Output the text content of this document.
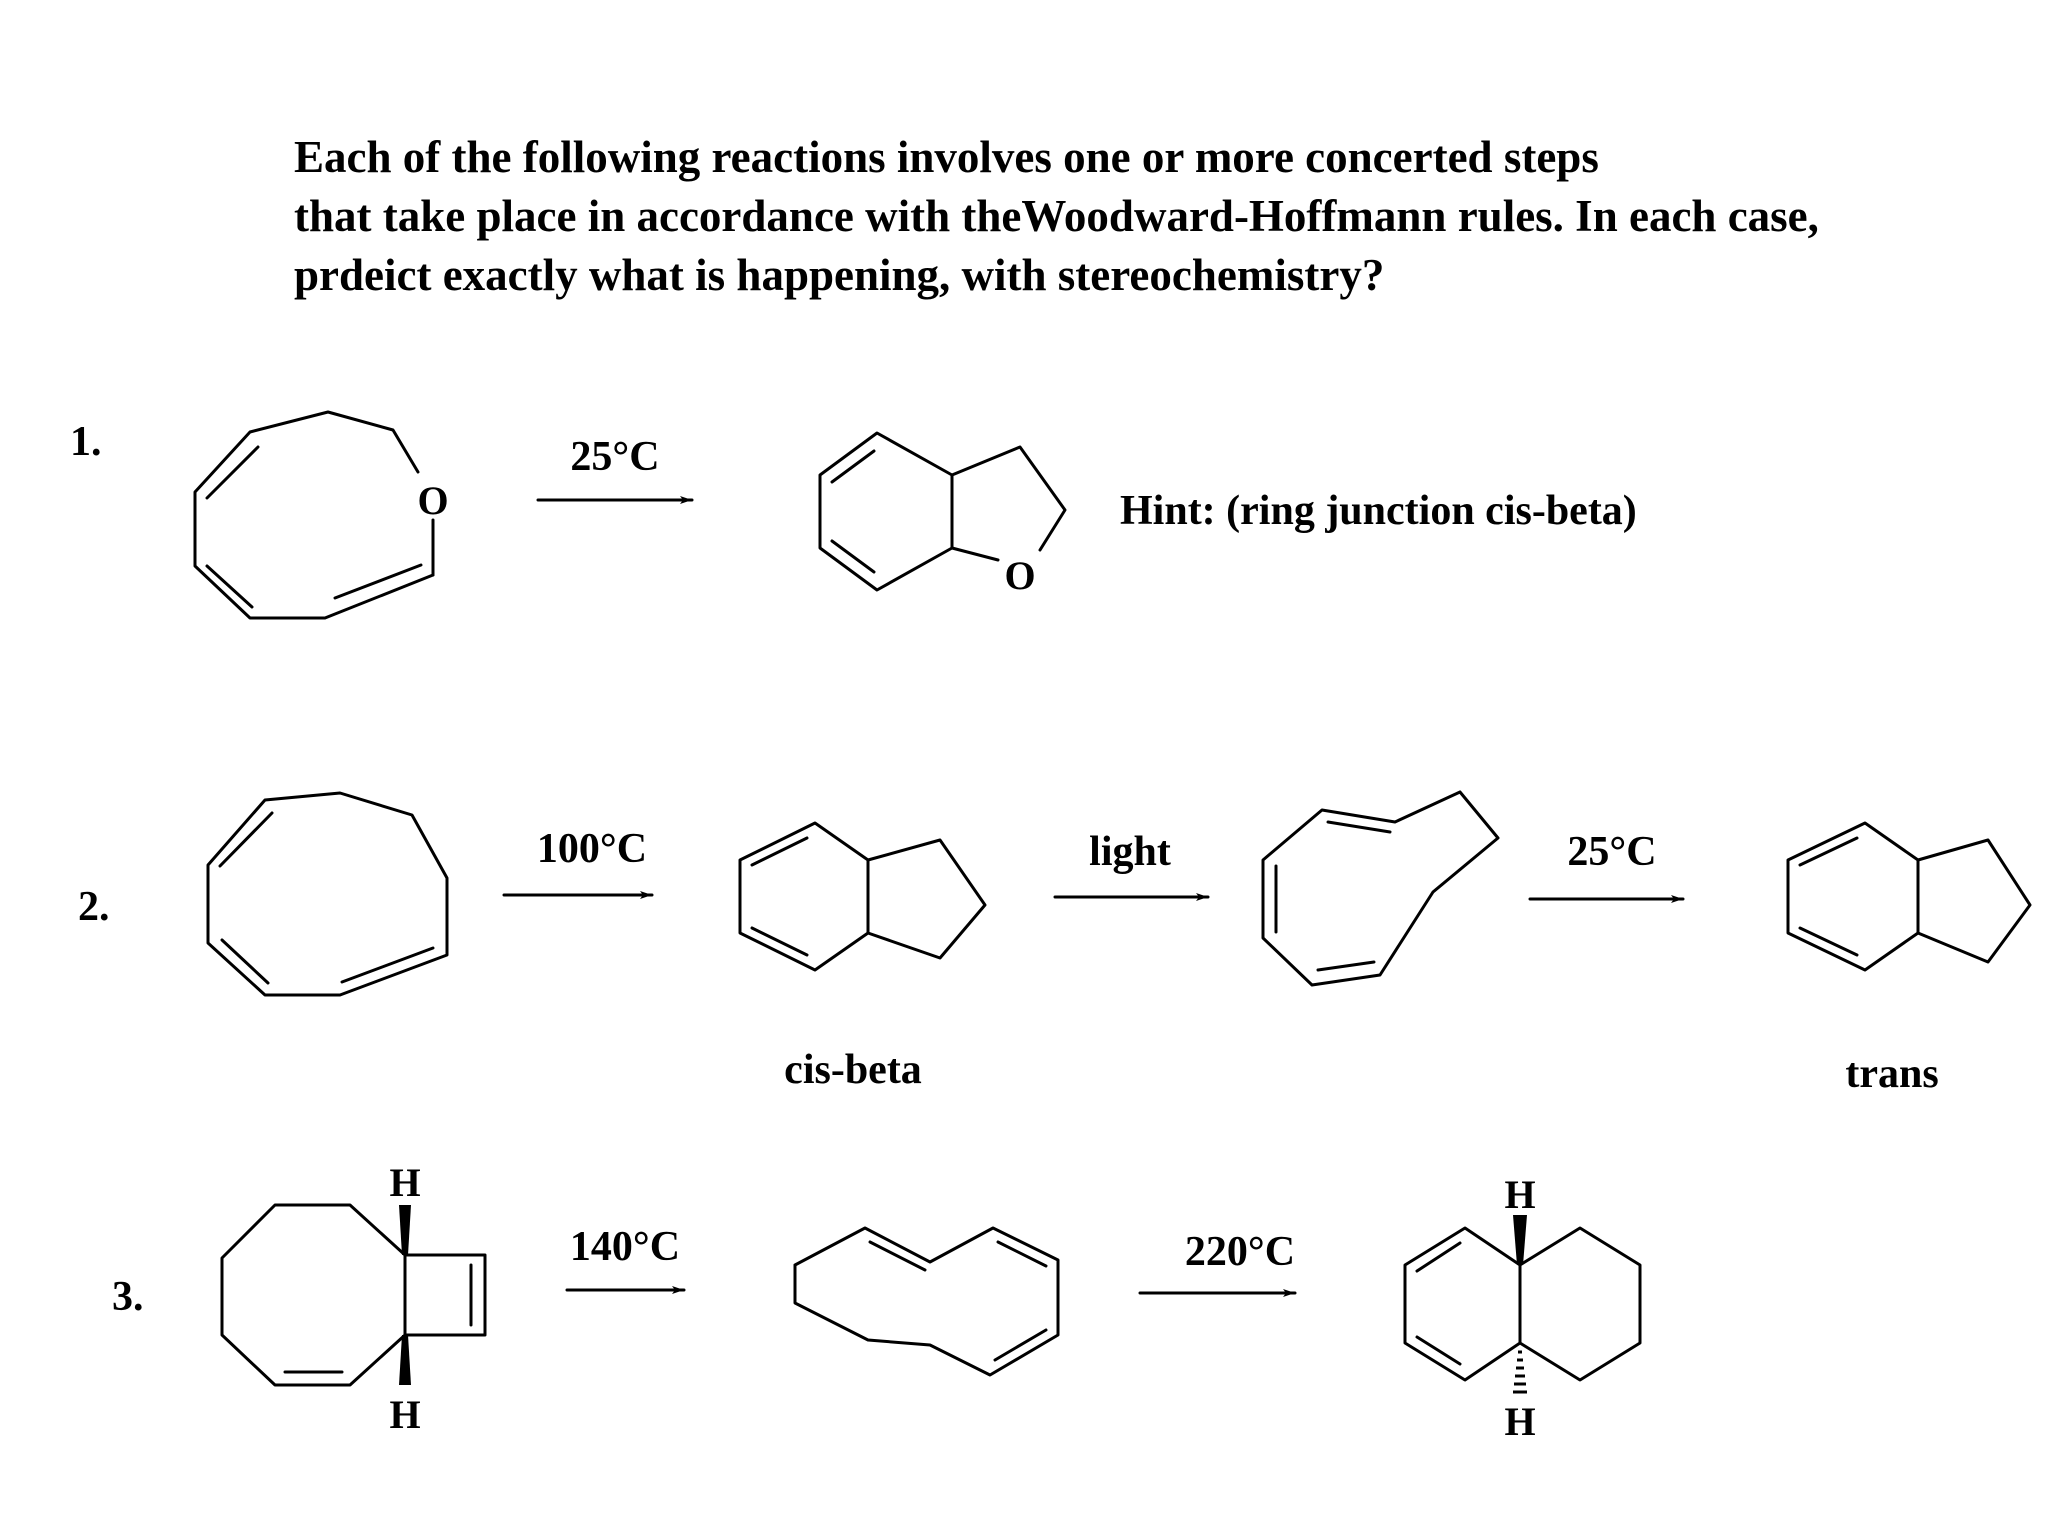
Each of the following reactions involves one or more concerted steps
that take place in accordance with theWoodward-Hoffmann rules. In each case,
prdeict exactly what is happening, with stereochemistry?
1.
O
25°C
O
Hint: (ring junction cis-beta)
2.
100°C
cis-beta
light	25°C
trans
3.
H
H
140°C	220°C
H
H
